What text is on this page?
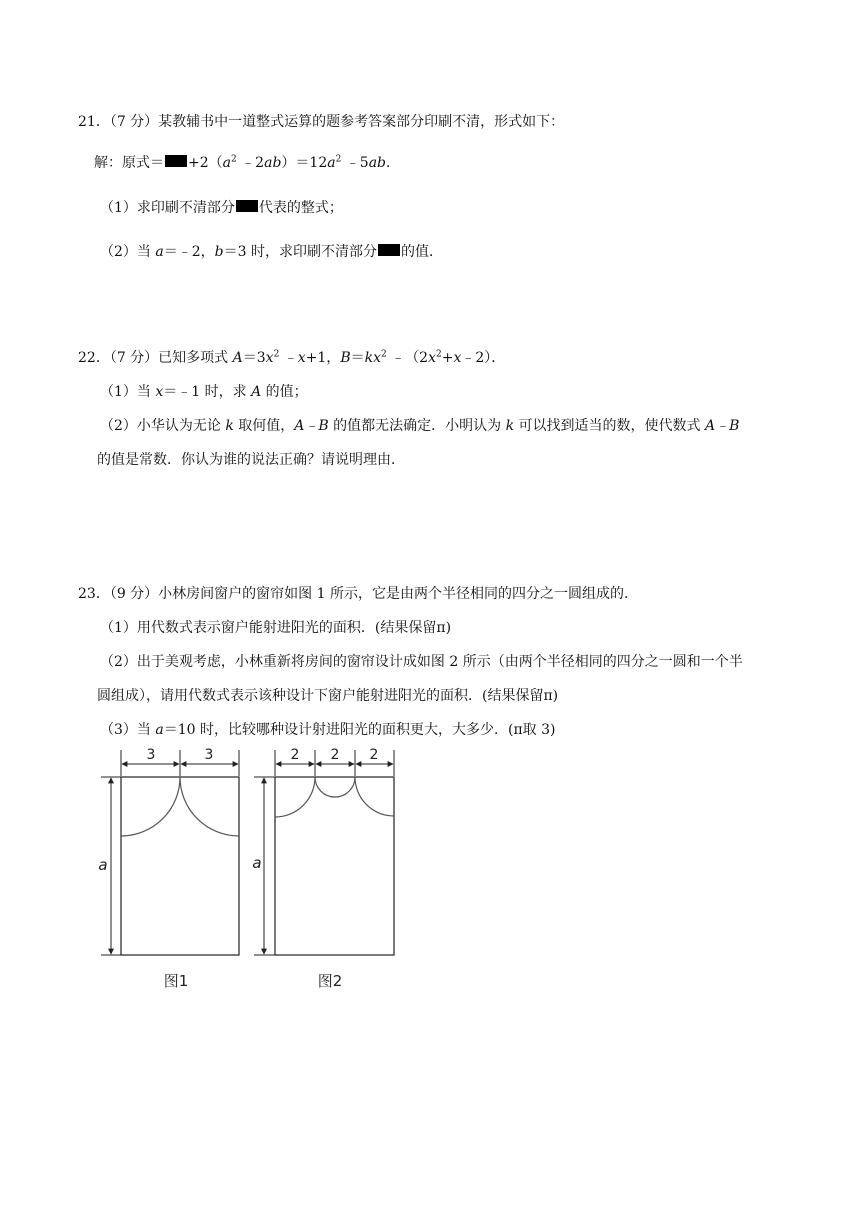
21．（7 分）某教辅书中一道整式运算的题参考答案部分印刷不清，形式如下：
解：原式＝ $+2(a^2$ $﹣2ab)=12a^2$ ﹣5ab．
（1）求印刷不清部分 代表的整式；
（2）当 a＝﹣2，b＝3 时，求印刷不清部分 的值．
22．（7 分）已知多项式 $A=3x^2$ ﹣x+1，$B=kx^2$ $﹣(2x^2+x﹣2)$．
（1）当 x＝﹣1 时，求 A 的值；
（2）小华认为无论 k 取何值，A﹣B 的值都无法确定．小明认为 k 可以找到适当的数，使代数式 A﹣B
的值是常数．你认为谁的说法正确？请说明理由．
23．（9 分）小林房间窗户的窗帘如图 1 所示，它是由两个半径相同的四分之一圆组成的．
（1）用代数式表示窗户能射进阳光的面积．(结果保留π)
（2）出于美观考虑，小林重新将房间的窗帘设计成如图 2 所示（由两个半径相同的四分之一圆和一个半
圆组成），请用代数式表示该种设计下窗户能射进阳光的面积．(结果保留π)
（3）当 a＝10 时，比较哪种设计射进阳光的面积更大，大多少．(π取 3)
3	3
a
图1
2 2 2
a
图2
